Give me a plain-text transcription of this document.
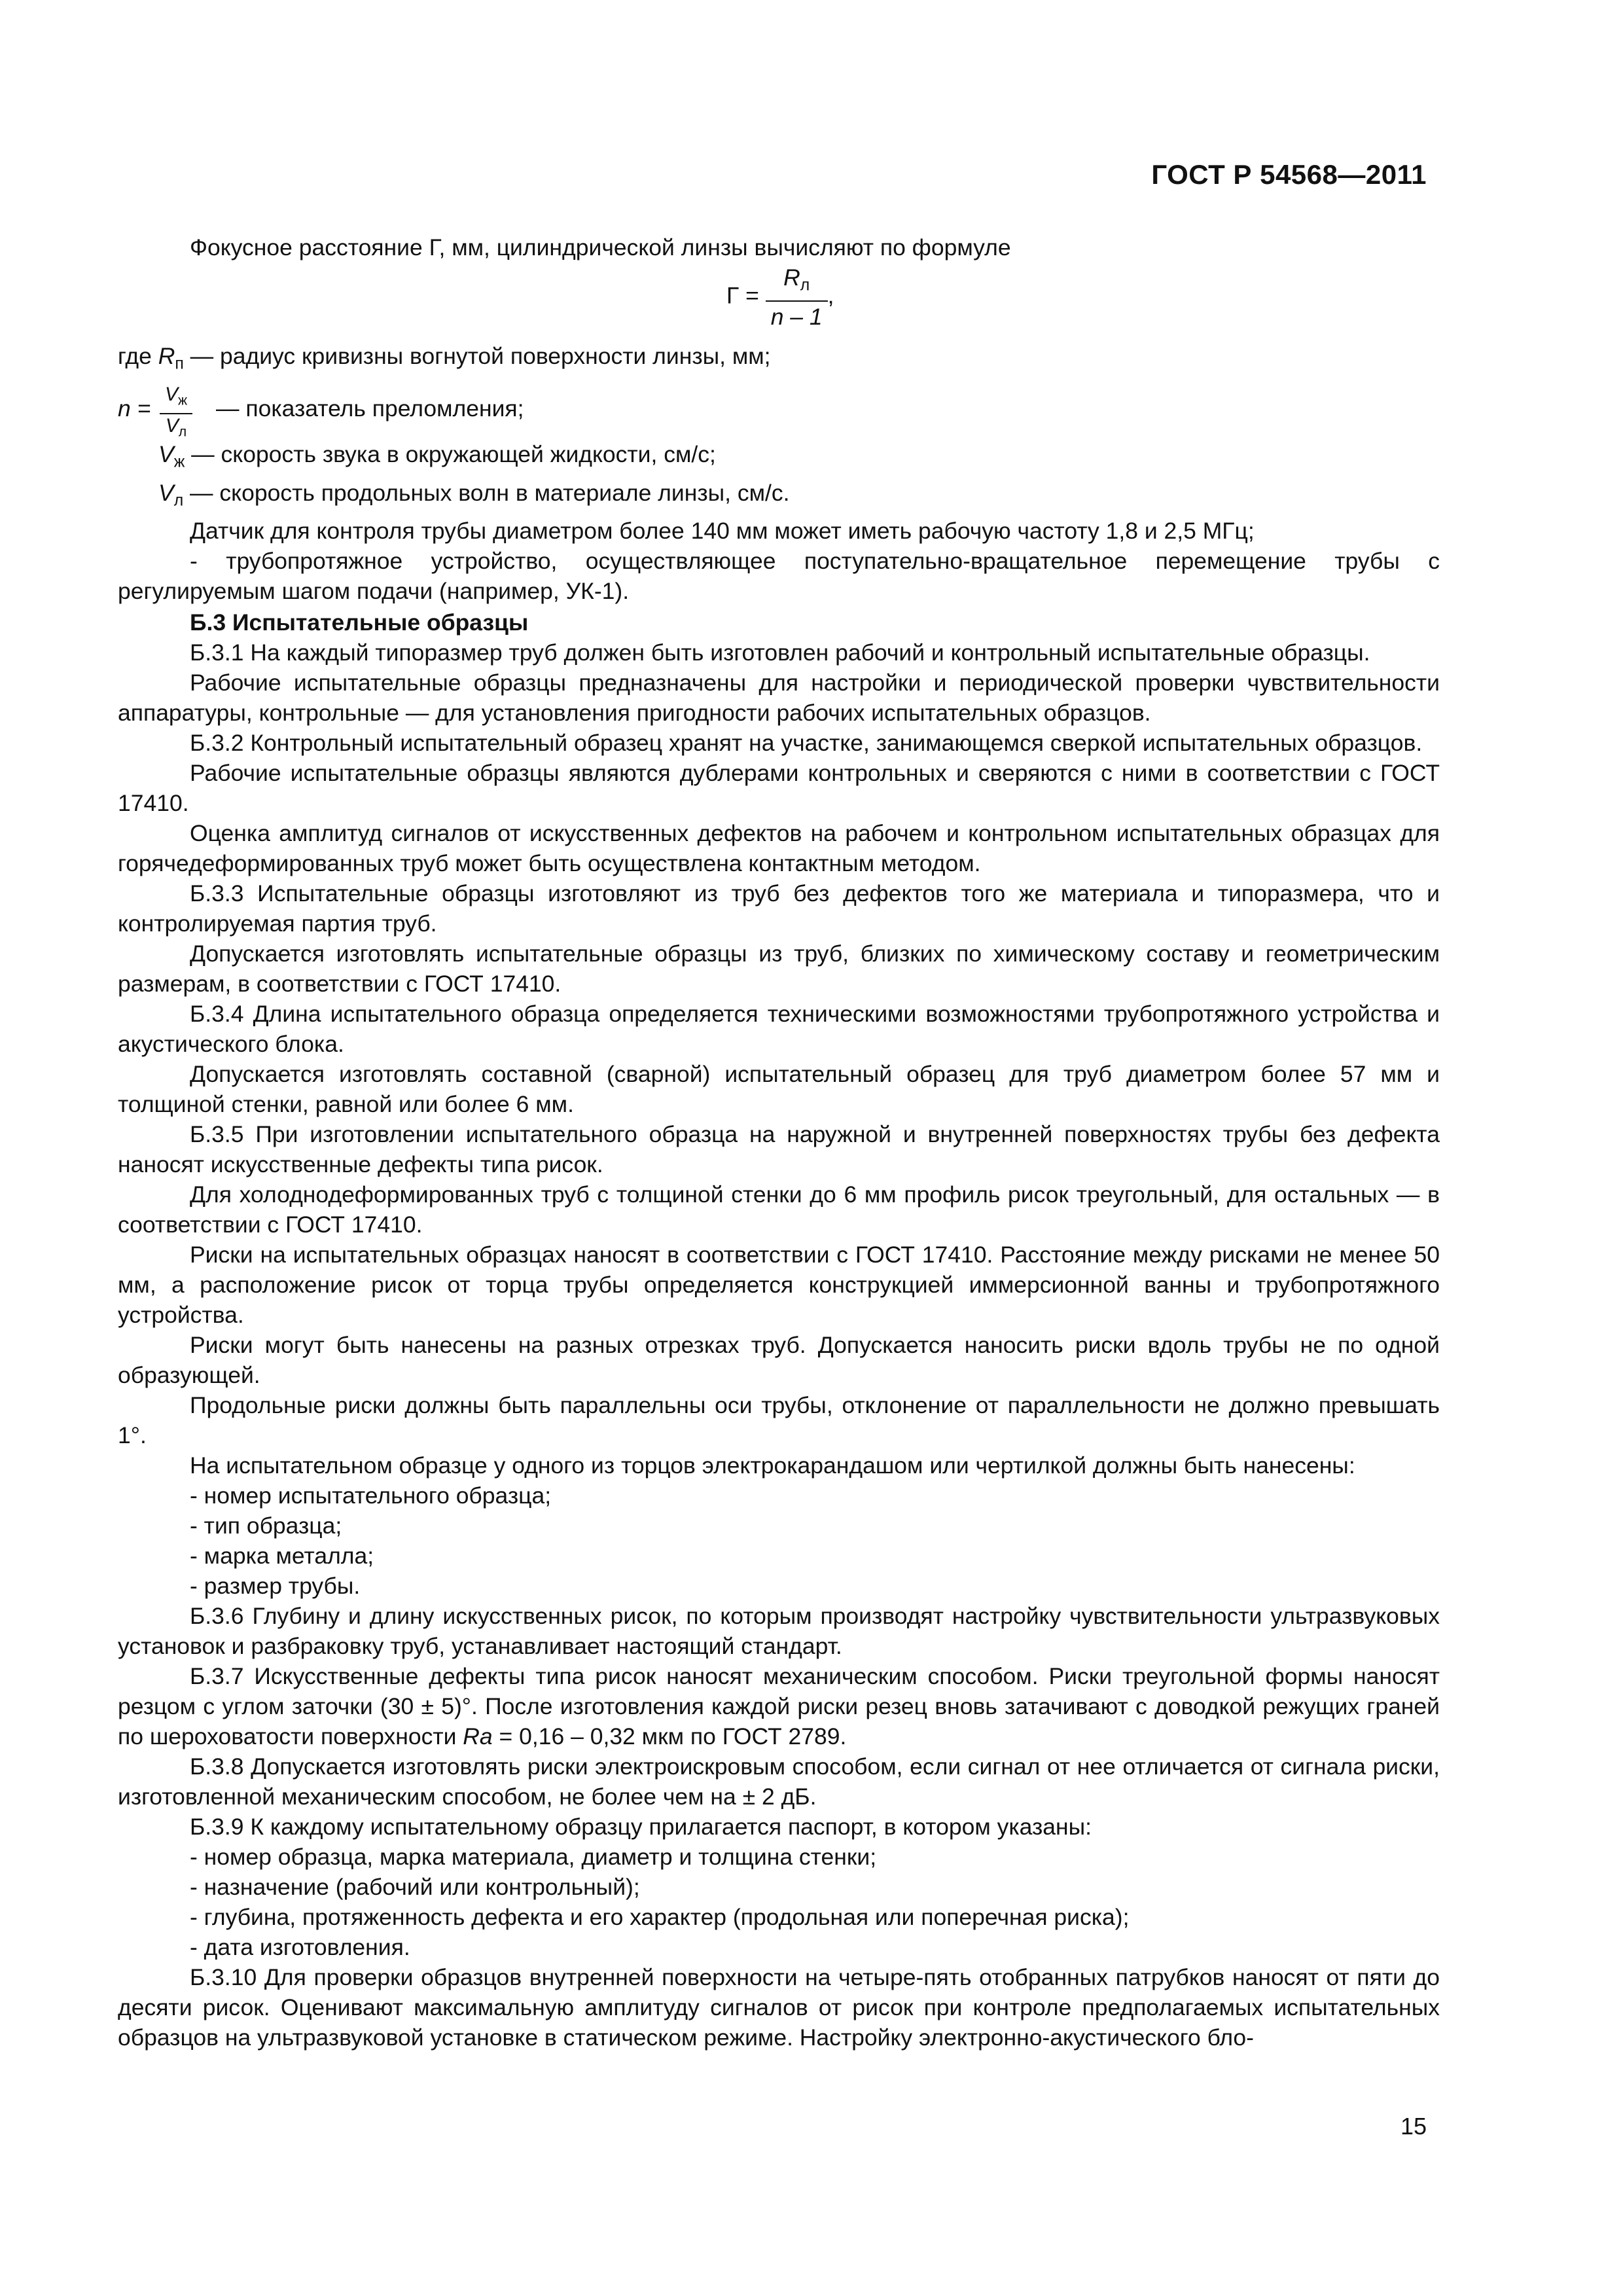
ГОСТ Р 54568—2011

Фокусное расстояние Г, мм, цилиндрической линзы вычисляют по формуле

$Г = \frac{R_л}{n - 1}$ ,

где $R_п$ — радиус кривизны вогнутой поверхности линзы, мм;

n =
$V_ж$
$V_л$
— показатель преломления;

$V_ж$ — скорость звука в окружающей жидкости, см/с;

$V_л$ — скорость продольных волн в материале линзы, см/с.

Датчик для контроля трубы диаметром более 140 мм может иметь рабочую частоту 1,8 и 2,5 МГц;

- трубопротяжное устройство, осуществляющее поступательно-вращательное перемещение трубы с регулируемым шагом подачи (например, УК-1).

Б.3 Испытательные образцы

Б.3.1 На каждый типоразмер труб должен быть изготовлен рабочий и контрольный испытательные образцы.

Рабочие испытательные образцы предназначены для настройки и периодической проверки чувствительности аппаратуры, контрольные — для установления пригодности рабочих испытательных образцов.

Б.3.2 Контрольный испытательный образец хранят на участке, занимающемся сверкой испытательных образцов.

Рабочие испытательные образцы являются дублерами контрольных и сверяются с ними в соответствии с ГОСТ 17410.

Оценка амплитуд сигналов от искусственных дефектов на рабочем и контрольном испытательных образцах для горячедеформированных труб может быть осуществлена контактным методом.

Б.3.3 Испытательные образцы изготовляют из труб без дефектов того же материала и типоразмера, что и контролируемая партия труб.

Допускается изготовлять испытательные образцы из труб, близких по химическому составу и геометрическим размерам, в соответствии с ГОСТ 17410.

Б.3.4 Длина испытательного образца определяется техническими возможностями трубопротяжного устройства и акустического блока.

Допускается изготовлять составной (сварной) испытательный образец для труб диаметром более 57 мм и толщиной стенки, равной или более 6 мм.

Б.3.5 При изготовлении испытательного образца на наружной и внутренней поверхностях трубы без дефекта наносят искусственные дефекты типа рисок.

Для холоднодеформированных труб с толщиной стенки до 6 мм профиль рисок треугольный, для остальных — в соответствии с ГОСТ 17410.

Риски на испытательных образцах наносят в соответствии с ГОСТ 17410. Расстояние между рисками не менее 50 мм, а расположение рисок от торца трубы определяется конструкцией иммерсионной ванны и трубопротяжного устройства.

Риски могут быть нанесены на разных отрезках труб. Допускается наносить риски вдоль трубы не по одной образующей.

Продольные риски должны быть параллельны оси трубы, отклонение от параллельности не должно превышать 1°.

На испытательном образце у одного из торцов электрокарандашом или чертилкой должны быть нанесены:

- номер испытательного образца;

- тип образца;

- марка металла;

- размер трубы.

Б.3.6 Глубину и длину искусственных рисок, по которым производят настройку чувствительности ультразвуковых установок и разбраковку труб, устанавливает настоящий стандарт.

Б.3.7 Искусственные дефекты типа рисок наносят механическим способом. Риски треугольной формы наносят резцом с углом заточки (30 ± 5)°. После изготовления каждой риски резец вновь затачивают с доводкой режущих граней по шероховатости поверхности Ra = 0,16 – 0,32 мкм по ГОСТ 2789.

Б.3.8 Допускается изготовлять риски электроискровым способом, если сигнал от нее отличается от сигнала риски, изготовленной механическим способом, не более чем на ± 2 дБ.

Б.3.9 К каждому испытательному образцу прилагается паспорт, в котором указаны:

- номер образца, марка материала, диаметр и толщина стенки;

- назначение (рабочий или контрольный);

- глубина, протяженность дефекта и его характер (продольная или поперечная риска);

- дата изготовления.

Б.3.10 Для проверки образцов внутренней поверхности на четыре-пять отобранных патрубков наносят от пяти до десяти рисок. Оценивают максимальную амплитуду сигналов от рисок при контроле предполагаемых испытательных образцов на ультразвуковой установке в статическом режиме. Настройку электронно-акустического бло-

15
